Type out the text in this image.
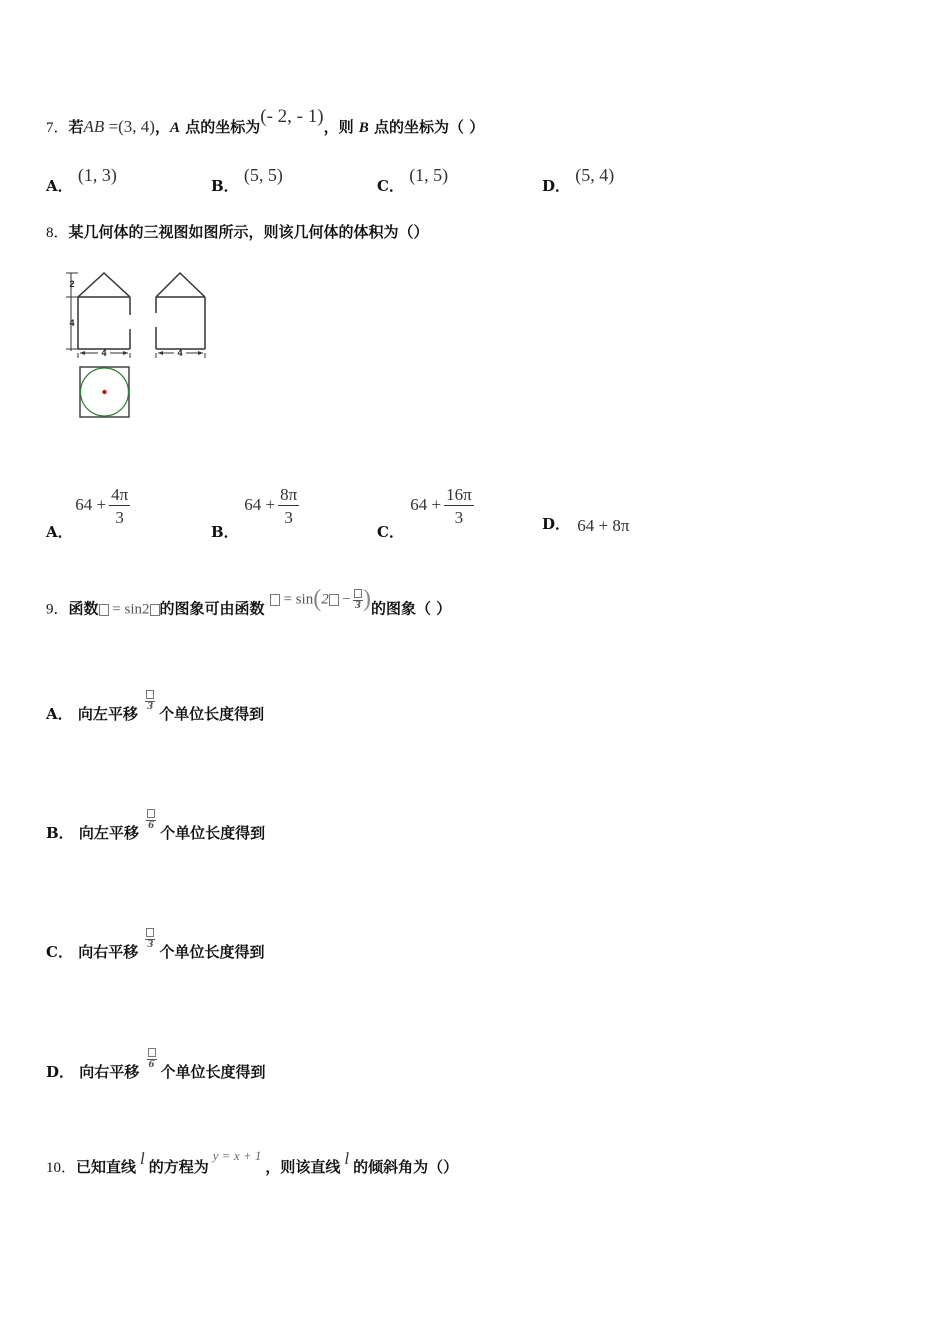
7．若AB =(3, 4)，A 点的坐标为(- 2, - 1)，则 B 点的坐标为（ ）
A． (1, 3)
B． (5, 5)
C． (1, 5)
D． (5, 4)
8．某几何体的三视图如图所示，则该几何体的体积为（）
2
4
4	4
A． $64 + \frac{4\pi}{3}$
B． $64 + \frac{8\pi}{3}$
C． $64 + \frac{16\pi}{3}$	D． 64 + 8π
9．函数 = sin2 的图象可由函数  = sin(2 − 3 )的图象（ ）
A． 向左平移 3 个单位长度得到
B． 向左平移 6 个单位长度得到
C． 向右平移 3 个单位长度得到
D． 向右平移 6 个单位长度得到
10．已知直线 l 的方程为y = x + 1，则该直线 l 的倾斜角为（）
